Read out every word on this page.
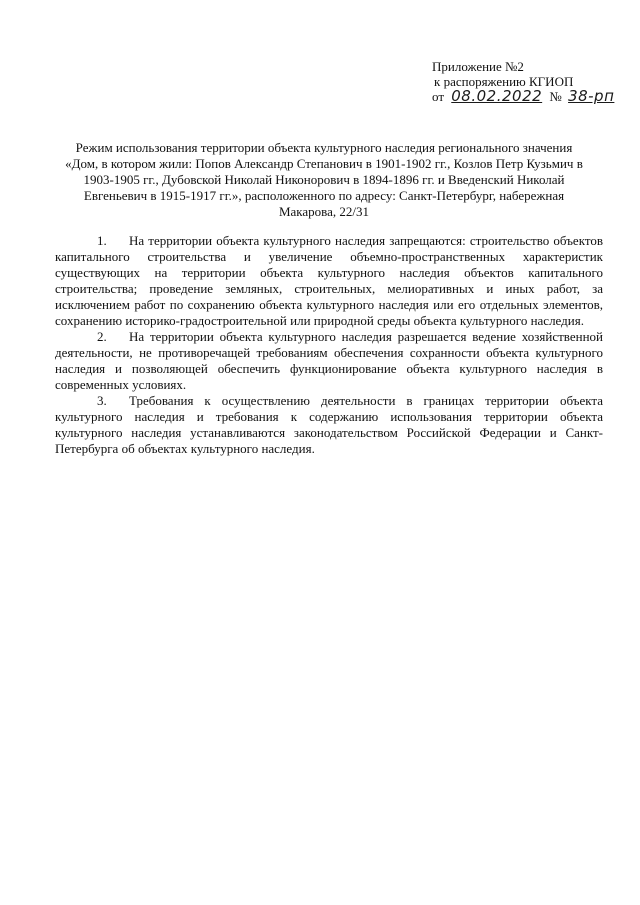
Приложение №2
к распоряжению КГИОП
от 08.02.2022 № 38-рп
Режим использования территории объекта культурного наследия регионального значения «Дом, в котором жили: Попов Александр Степанович в 1901-1902 гг., Козлов Петр Кузьмич в 1903-1905 гг., Дубовской Николай Никонорович в 1894-1896 гг. и Введенский Николай Евгеньевич в 1915-1917 гг.», расположенного по адресу: Санкт-Петербург, набережная Макарова, 22/31

1. На территории объекта культурного наследия запрещаются: строительство объектов капитального строительства и увеличение объемно-пространственных характеристик существующих на территории объекта культурного наследия объектов капитального строительства; проведение земляных, строительных, мелиоративных и иных работ, за исключением работ по сохранению объекта культурного наследия или его отдельных элементов, сохранению историко-градостроительной или природной среды объекта культурного наследия.

2. На территории объекта культурного наследия разрешается ведение хозяйственной деятельности, не противоречащей требованиям обеспечения сохранности объекта культурного наследия и позволяющей обеспечить функционирование объекта культурного наследия в современных условиях.

3. Требования к осуществлению деятельности в границах территории объекта культурного наследия и требования к содержанию использования территории объекта культурного наследия устанавливаются законодательством Российской Федерации и Санкт-Петербурга об объектах культурного наследия.
